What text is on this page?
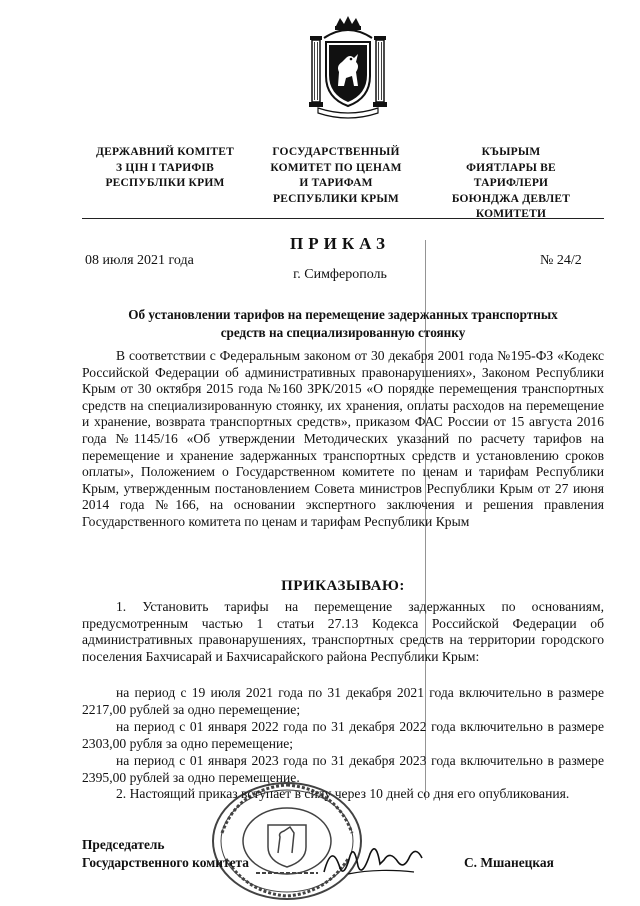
ДЕРЖАВНИЙ КОМІТЕТ
З ЦІН І ТАРИФІВ
РЕСПУБЛІКИ КРИМ
ГОСУДАРСТВЕННЫЙ
КОМИТЕТ ПО ЦЕНАМ
И ТАРИФАМ
РЕСПУБЛИКИ КРЫМ
КЪЫРЫМ
ФИЯТЛАРЫ ВЕ ТАРИФЛЕРИ
БОЮНДЖА ДЕВЛЕТ
КОМИТЕТИ
ПРИКАЗ
08 июля 2021 года	№ 24/2
г. Симферополь
Об установлении тарифов на перемещение задержанных транспортных
средств на специализированную стоянку
В соответствии с Федеральным законом от 30 декабря 2001 года №195-ФЗ «Кодекс Российской Федерации об административных правонарушениях», Законом Республики Крым от 30 октября 2015 года №160 ЗРК/2015 «О порядке перемещения транспортных средств на специализированную стоянку, их хранения, оплаты расходов на перемещение и хранение, возврата транспортных средств», приказом ФАС России от 15 августа 2016 года №1145/16 «Об утверждении Методических указаний по расчету тарифов на перемещение и хранение задержанных транспортных средств и установлению сроков оплаты», Положением о Государственном комитете по ценам и тарифам Республики Крым, утвержденным постановлением Совета министров Республики Крым от 27 июня 2014 года №166, на основании экспертного заключения и решения правления Государственного комитета по ценам и тарифам Республики Крым
ПРИКАЗЫВАЮ:
1. Установить тарифы на перемещение задержанных по основаниям, предусмотренным частью 1 статьи 27.13 Кодекса Российской Федерации об административных правонарушениях, транспортных средств на территории городского поселения Бахчисарай и Бахчисарайского района Республики Крым:
на период с 19 июля 2021 года по 31 декабря 2021 года включительно в размере 2217,00 рублей за одно перемещение;
на период с 01 января 2022 года по 31 декабря 2022 года включительно в размере 2303,00 рубля за одно перемещение;
на период с 01 января 2023 года по 31 декабря 2023 года включительно в размере 2395,00 рублей за одно перемещение.
2. Настоящий приказ вступает в силу через 10 дней со дня его опубликования.
Председатель
Государственного комитета	С. Мшанецкая
